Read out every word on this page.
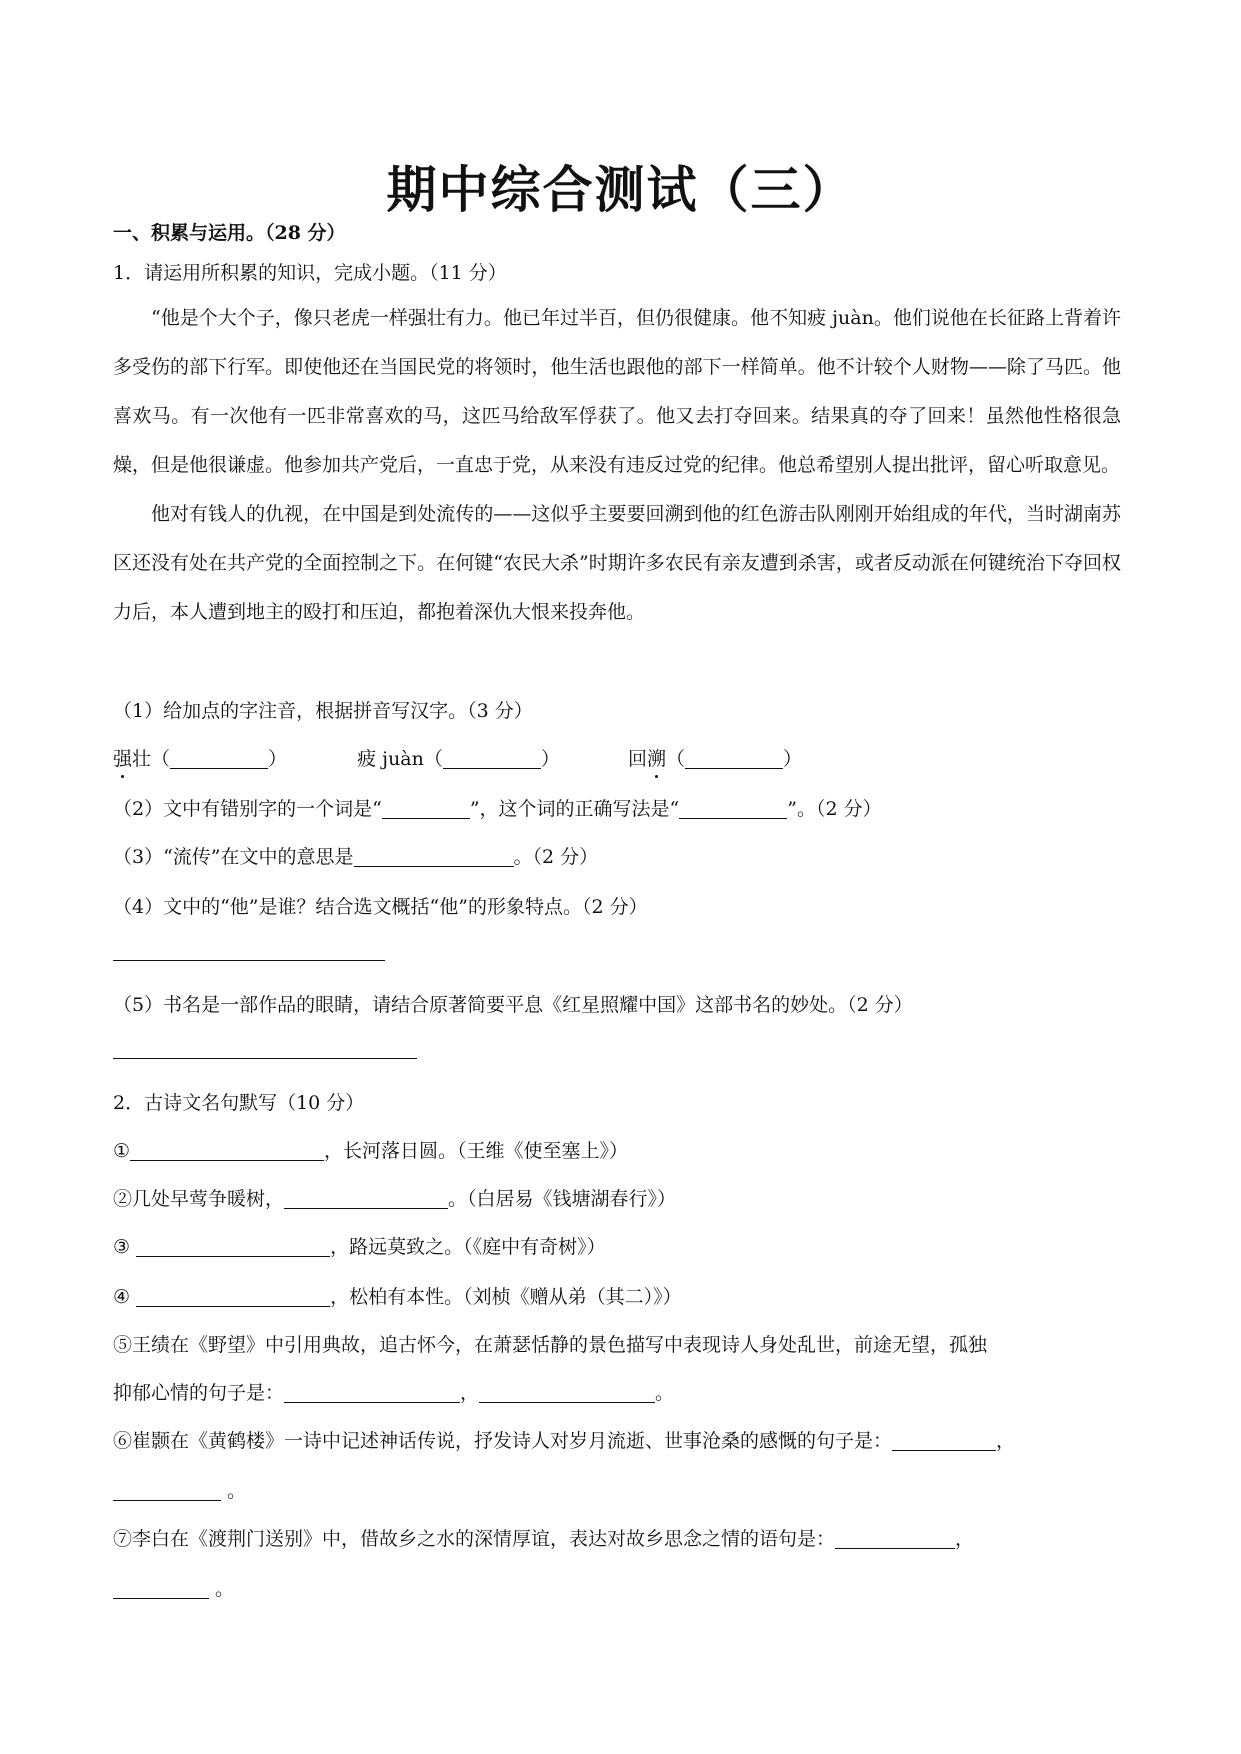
期中综合测试（三）
一、积累与运用。（28 分）
1．请运用所积累的知识，完成小题。（11 分）

“他是个大个子，像只老虎一样强壮有力。他已年过半百，但仍很健康。他不知疲 juàn。他们说他在长征路上背着许多受伤的部下行军。即使他还在当国民党的将领时，他生活也跟他的部下一样简单。他不计较个人财物——除了马匹。他喜欢马。有一次他有一匹非常喜欢的马，这匹马给敌军俘获了。他又去打夺回来。结果真的夺了回来！虽然他性格很急燥，但是他很谦虚。他参加共产党后，一直忠于党，从来没有违反过党的纪律。他总希望别人提出批评，留心听取意见。

他对有钱人的仇视，在中国是到处流传的——这似乎主要要回溯到他的红色游击队刚刚开始组成的年代，当时湖南苏区还没有处在共产党的全面控制之下。在何键“农民大杀”时期许多农民有亲友遭到杀害，或者反动派在何键统治下夺回权力后，本人遭到地主的殴打和压迫，都抱着深仇大恨来投奔他。

（1）给加点的字注音，根据拼音写汉字。（3 分）
强壮（	）	疲 juàn（	）	回溯（	）
（2）文中有错别字的一个词是“	”，这个词的正确写法是“	”。（2 分）
（3）“流传”在文中的意思是	。（2 分）
（4）文中的“他”是谁？结合选文概括“他”的形象特点。（2 分）
（5）书名是一部作品的眼睛，请结合原著简要平息《红星照耀中国》这部书名的妙处。（2 分）
2．古诗文名句默写（10 分）
①	，长河落日圆。（王维《使至塞上》）
②几处早莺争暖树，	。（白居易《钱塘湖春行》）
③	，路远莫致之。（《庭中有奇树》）
④	，松柏有本性。（刘桢《赠从弟（其二）》）
⑤王绩在《野望》中引用典故，追古怀今，在萧瑟恬静的景色描写中表现诗人身处乱世，前途无望，孤独
抑郁心情的句子是：	，	。
⑥崔颢在《黄鹤楼》一诗中记述神话传说，抒发诗人对岁月流逝、世事沧桑的感慨的句子是：	，
。
⑦李白在《渡荆门送别》中，借故乡之水的深情厚谊，表达对故乡思念之情的语句是：	，
。
